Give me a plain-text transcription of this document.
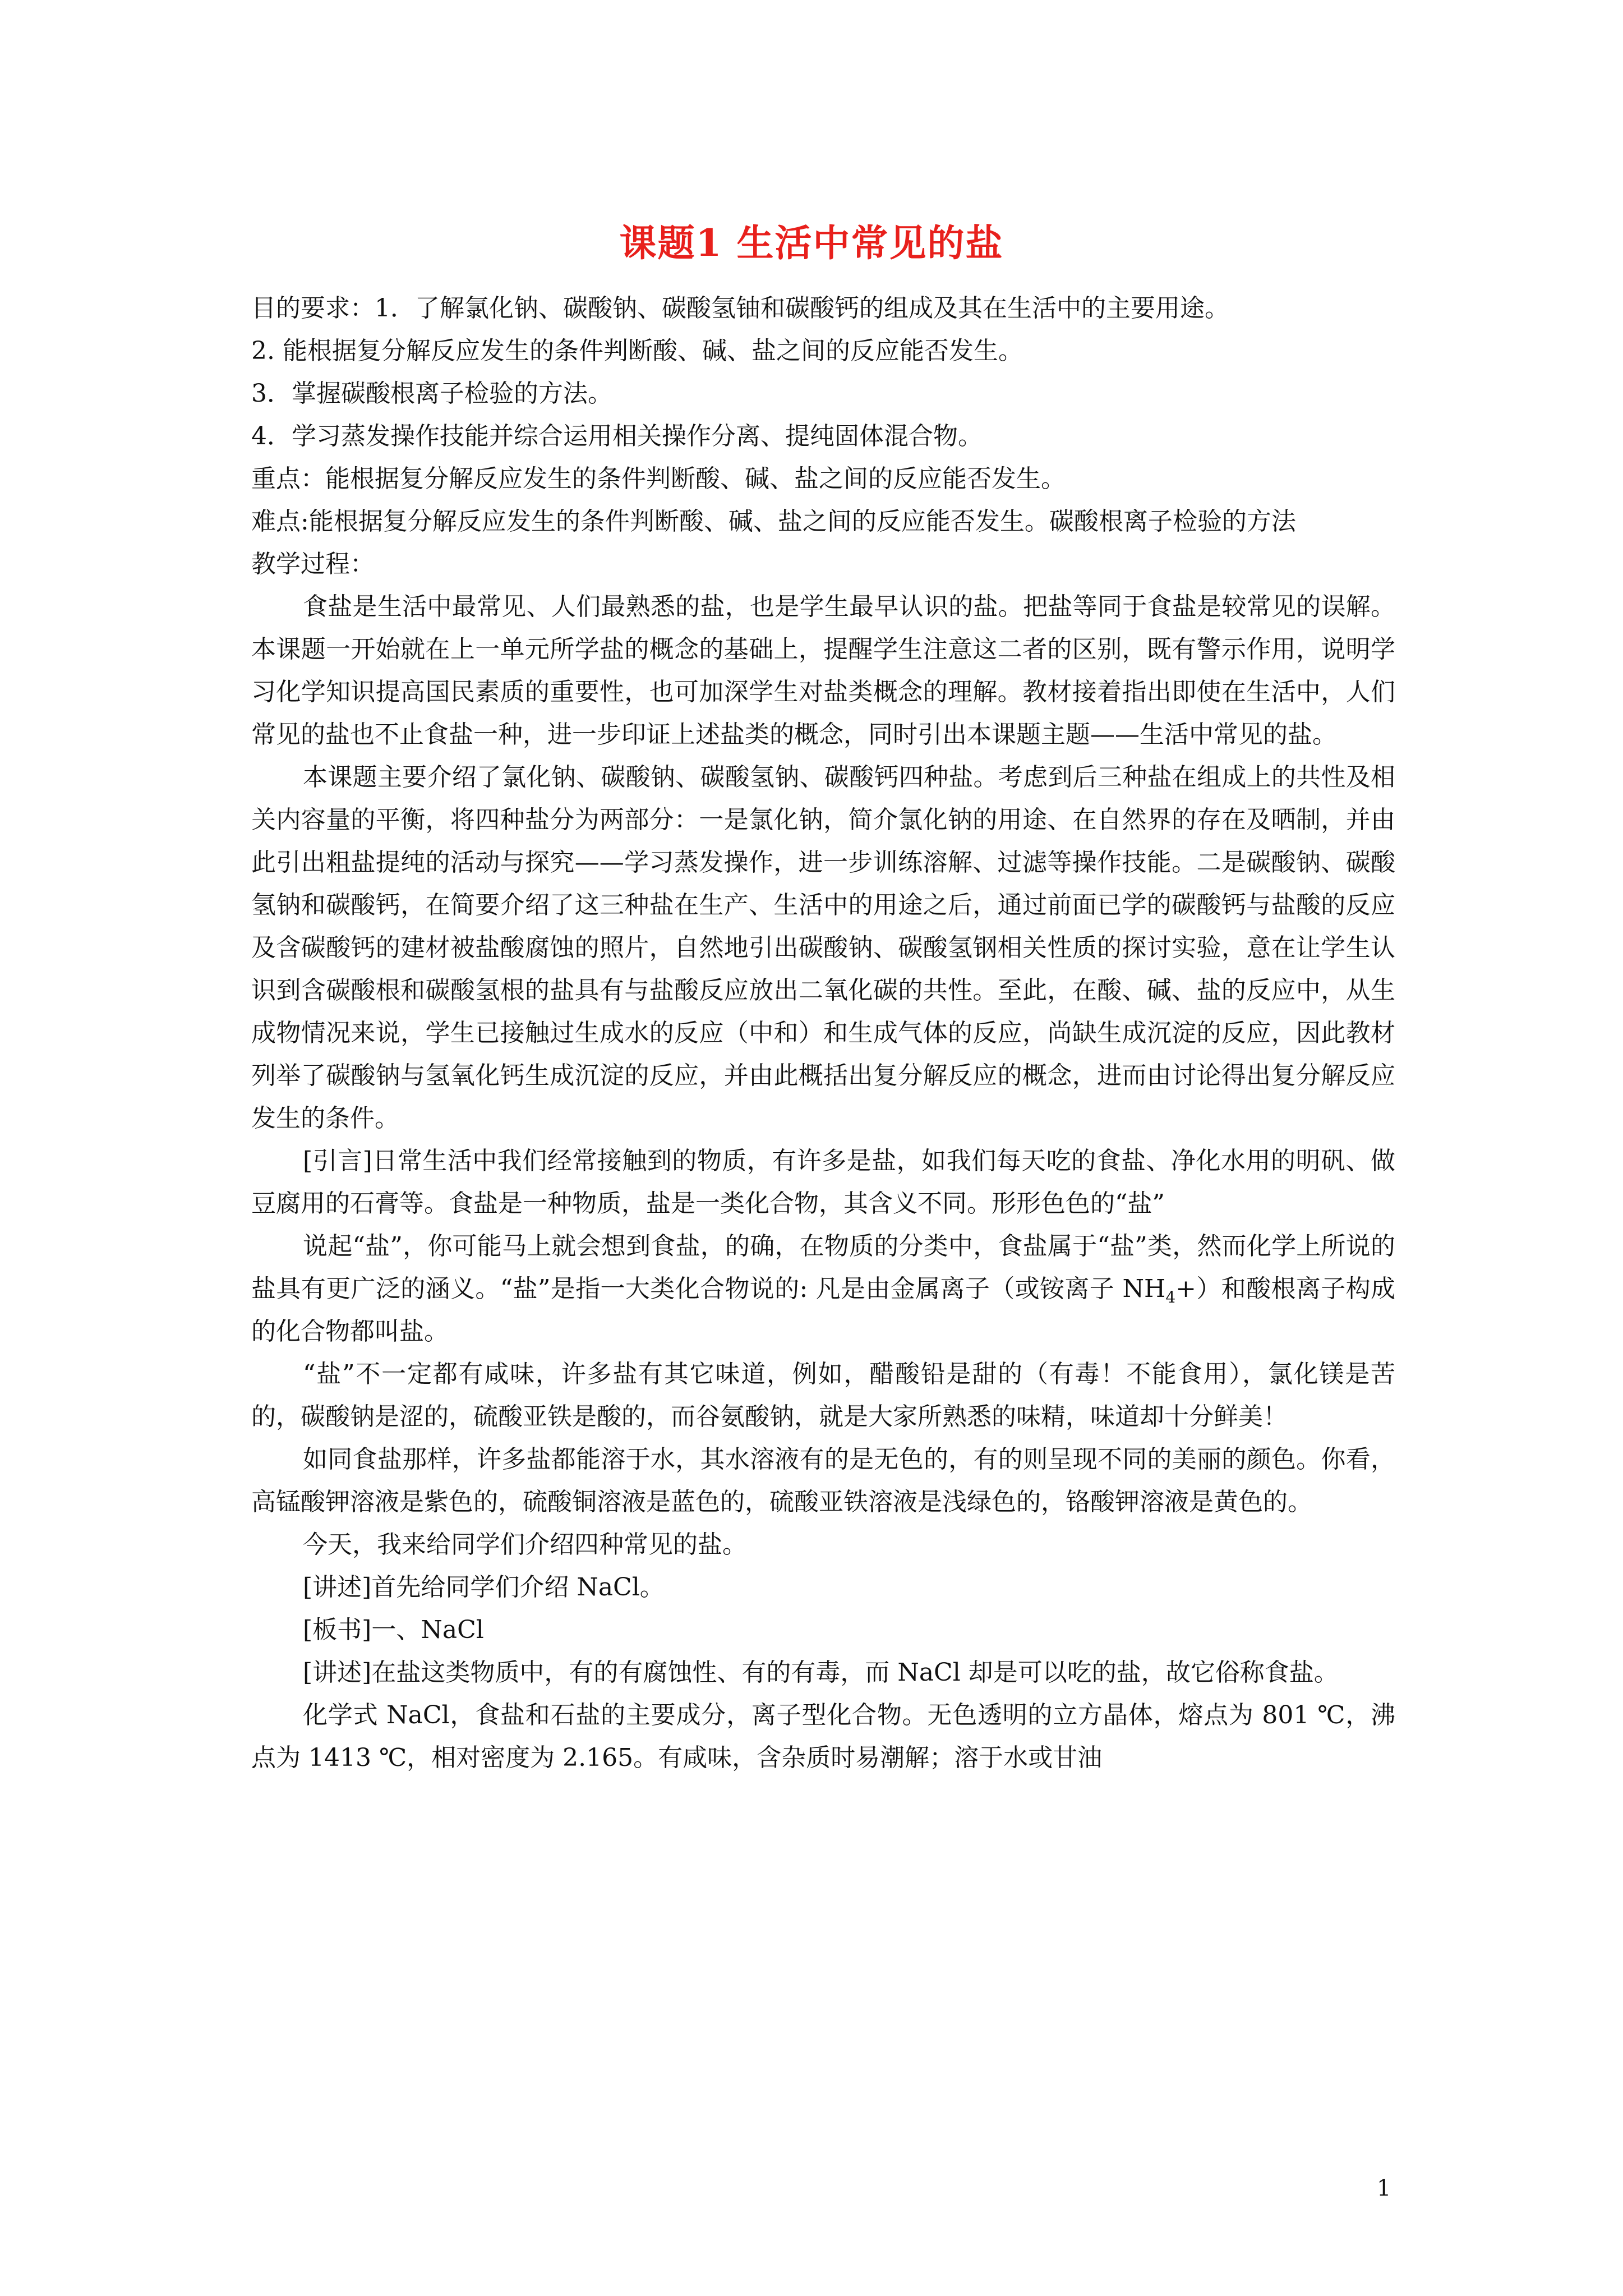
课题1 生活中常见的盐

目的要求：1．了解氯化钠、碳酸钠、碳酸氢铀和碳酸钙的组成及其在生活中的主要用途。

2. 能根据复分解反应发生的条件判断酸、碱、盐之间的反应能否发生。

3．掌握碳酸根离子检验的方法。

4．学习蒸发操作技能并综合运用相关操作分离、提纯固体混合物。

重点：能根据复分解反应发生的条件判断酸、碱、盐之间的反应能否发生。

难点:能根据复分解反应发生的条件判断酸、碱、盐之间的反应能否发生。碳酸根离子检验的方法

教学过程：

食盐是生活中最常见、人们最熟悉的盐，也是学生最早认识的盐。把盐等同于食盐是较常见的误解。本课题一开始就在上一单元所学盐的概念的基础上，提醒学生注意这二者的区别，既有警示作用，说明学习化学知识提高国民素质的重要性，也可加深学生对盐类概念的理解。教材接着指出即使在生活中，人们常见的盐也不止食盐一种，进一步印证上述盐类的概念，同时引出本课题主题——生活中常见的盐。

本课题主要介绍了氯化钠、碳酸钠、碳酸氢钠、碳酸钙四种盐。考虑到后三种盐在组成上的共性及相关内容量的平衡，将四种盐分为两部分：一是氯化钠，简介氯化钠的用途、在自然界的存在及晒制，并由此引出粗盐提纯的活动与探究——学习蒸发操作，进一步训练溶解、过滤等操作技能。二是碳酸钠、碳酸氢钠和碳酸钙，在简要介绍了这三种盐在生产、生活中的用途之后，通过前面已学的碳酸钙与盐酸的反应及含碳酸钙的建材被盐酸腐蚀的照片，自然地引出碳酸钠、碳酸氢钢相关性质的探讨实验，意在让学生认识到含碳酸根和碳酸氢根的盐具有与盐酸反应放出二氧化碳的共性。至此，在酸、碱、盐的反应中，从生成物情况来说，学生已接触过生成水的反应（中和）和生成气体的反应，尚缺生成沉淀的反应，因此教材列举了碳酸钠与氢氧化钙生成沉淀的反应，并由此概括出复分解反应的概念，进而由讨论得出复分解反应发生的条件。

[引言]日常生活中我们经常接触到的物质，有许多是盐，如我们每天吃的食盐、净化水用的明矾、做豆腐用的石膏等。食盐是一种物质，盐是一类化合物，其含义不同。形形色色的“盐”

说起“盐”，你可能马上就会想到食盐，的确，在物质的分类中，食盐属于“盐”类，然而化学上所说的盐具有更广泛的涵义。“盐”是指一大类化合物说的: 凡是由金属离子（或铵离子 $NH_4+$）和酸根离子构成的化合物都叫盐。

“盐”不一定都有咸味，许多盐有其它味道，例如，醋酸铅是甜的（有毒！不能食用），氯化镁是苦的，碳酸钠是涩的，硫酸亚铁是酸的，而谷氨酸钠，就是大家所熟悉的味精，味道却十分鲜美！

如同食盐那样，许多盐都能溶于水，其水溶液有的是无色的，有的则呈现不同的美丽的颜色。你看，高锰酸钾溶液是紫色的，硫酸铜溶液是蓝色的，硫酸亚铁溶液是浅绿色的，铬酸钾溶液是黄色的。

今天，我来给同学们介绍四种常见的盐。

[讲述]首先给同学们介绍 NaCl。

[板书]一、NaCl

[讲述]在盐这类物质中，有的有腐蚀性、有的有毒，而 NaCl 却是可以吃的盐，故它俗称食盐。

化学式 NaCl，食盐和石盐的主要成分，离子型化合物。无色透明的立方晶体，熔点为 801 ℃，沸点为 1413 ℃，相对密度为 2.165。有咸味，含杂质时易潮解；溶于水或甘油

1
